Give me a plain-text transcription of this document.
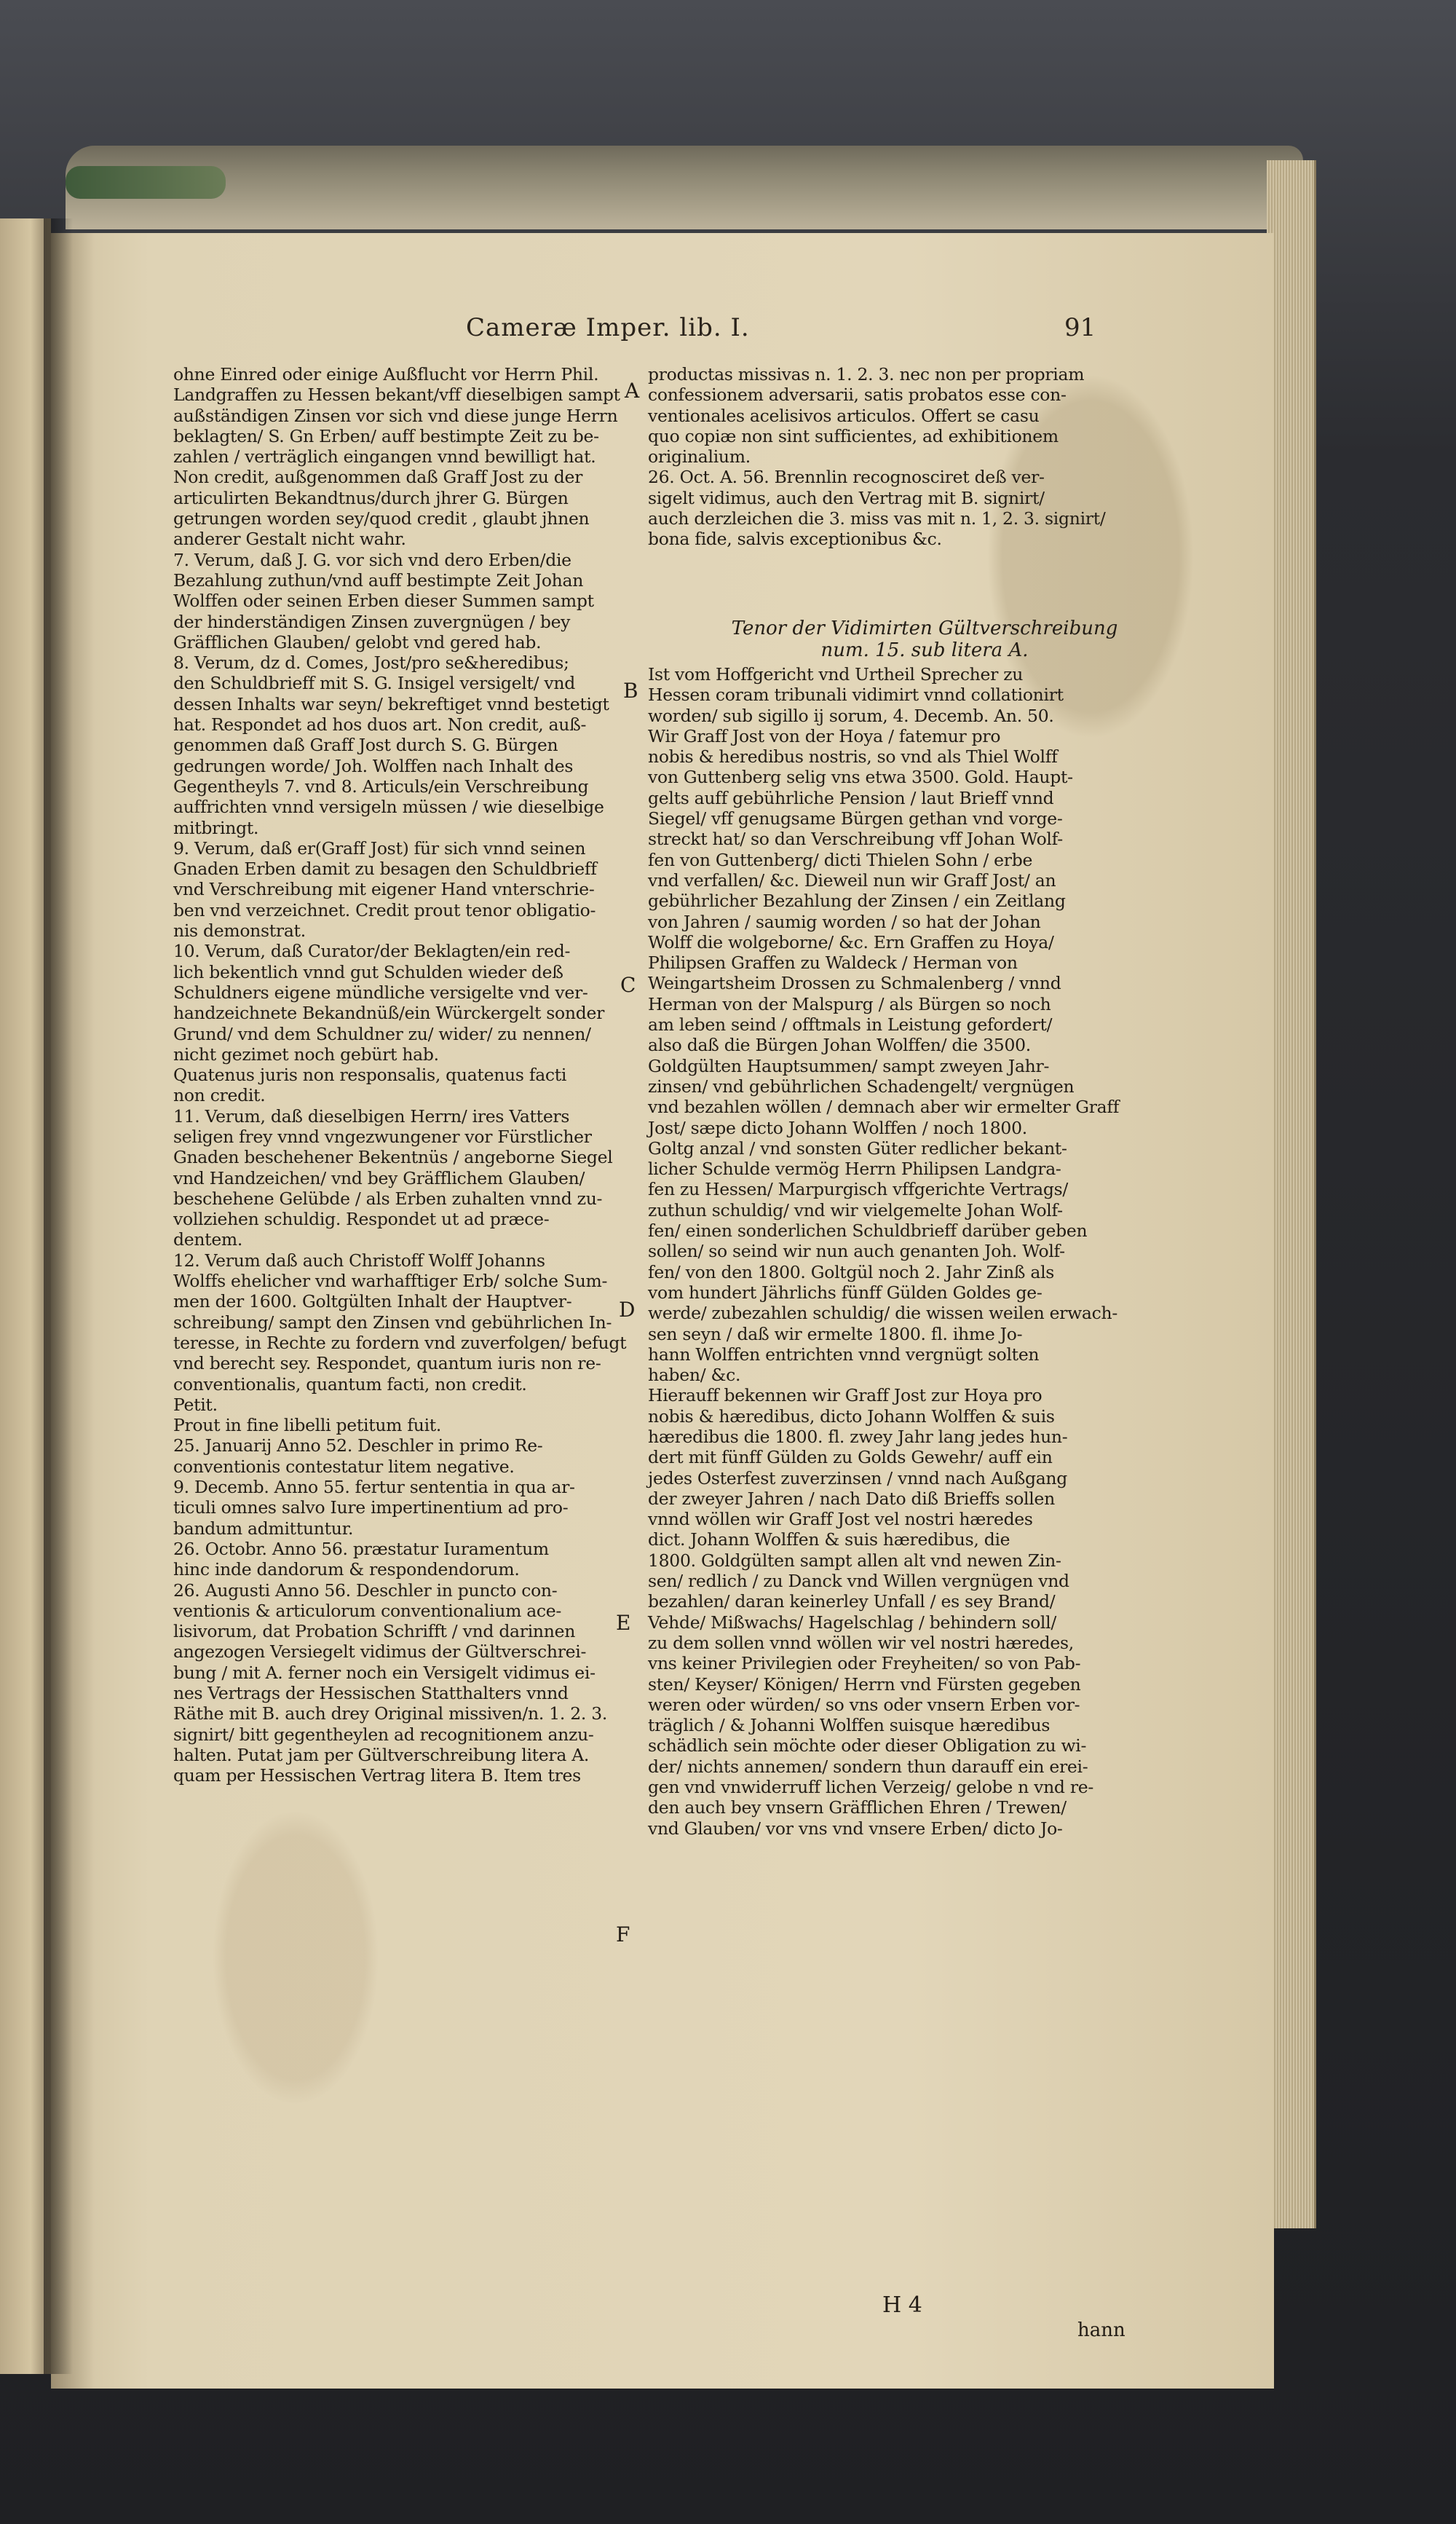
Cameræ Imper. lib. I.	91

ohne Einred oder einige Außflucht vor Herrn Phil.

Landgraffen zu Hessen bekant/vff dieselbigen sampt

außständigen Zinsen vor sich vnd diese junge Herrn

beklagten/ S. Gn Erben/ auff bestimpte Zeit zu be-

zahlen / verträglich eingangen vnnd bewilligt hat.

Non credit, außgenommen daß Graff Jost zu der

articulirten Bekandtnus/durch jhrer G. Bürgen

getrungen worden sey/quod credit , glaubt jhnen

anderer Gestalt nicht wahr.

7. Verum, daß J. G. vor sich vnd dero Erben/die

Bezahlung zuthun/vnd auff bestimpte Zeit Johan

Wolffen oder seinen Erben dieser Summen sampt

der hinderständigen Zinsen zuvergnügen / bey

Gräfflichen Glauben/ gelobt vnd gered hab.

8. Verum, dz d. Comes, Jost/pro se&heredibus;

den Schuldbrieff mit S. G. Insigel versigelt/ vnd

dessen Inhalts war seyn/ bekreftiget vnnd bestetigt

hat. Respondet ad hos duos art. Non credit, auß-

genommen daß Graff Jost durch S. G. Bürgen

gedrungen worde/ Joh. Wolffen nach Inhalt des

Gegentheyls 7. vnd 8. Articuls/ein Verschreibung

auffrichten vnnd versigeln müssen / wie dieselbige

mitbringt.

9. Verum, daß er(Graff Jost) für sich vnnd seinen

Gnaden Erben damit zu besagen den Schuldbrieff

vnd Verschreibung mit eigener Hand vnterschrie-

ben vnd verzeichnet. Credit prout tenor obligatio-

nis demonstrat.

10. Verum, daß Curator/der Beklagten/ein red-

lich bekentlich vnnd gut Schulden wieder deß

Schuldners eigene mündliche versigelte vnd ver-

handzeichnete Bekandnüß/ein Würckergelt sonder

Grund/ vnd dem Schuldner zu/ wider/ zu nennen/

nicht gezimet noch gebürt hab.

Quatenus juris non responsalis, quatenus facti

non credit.

11. Verum, daß dieselbigen Herrn/ ires Vatters

seligen frey vnnd vngezwungener vor Fürstlicher

Gnaden beschehener Bekentnüs / angeborne Siegel

vnd Handzeichen/ vnd bey Gräfflichem Glauben/

beschehene Gelübde / als Erben zuhalten vnnd zu-

vollziehen schuldig. Respondet ut ad præce-

dentem.

12. Verum daß auch Christoff Wolff Johanns

Wolffs ehelicher vnd warhafftiger Erb/ solche Sum-

men der 1600. Goltgülten Inhalt der Hauptver-

schreibung/ sampt den Zinsen vnd gebührlichen In-

teresse, in Rechte zu fordern vnd zuverfolgen/ befugt

vnd berecht sey. Respondet, quantum iuris non re-

conventionalis, quantum facti, non credit.

Petit.

Prout in fine libelli petitum fuit.

25. Januarij Anno 52. Deschler in primo Re-

conventionis contestatur litem negative.

9. Decemb. Anno 55. fertur sententia in qua ar-

ticuli omnes salvo Iure impertinentium ad pro-

bandum admittuntur.

26. Octobr. Anno 56. præstatur Iuramentum

hinc inde dandorum & respondendorum.

26. Augusti Anno 56. Deschler in puncto con-

ventionis & articulorum conventionalium ace-

lisivorum, dat Probation Schrifft / vnd darinnen

angezogen Versiegelt vidimus der Gültverschrei-

bung / mit A. ferner noch ein Versigelt vidimus ei-

nes Vertrags der Hessischen Statthalters vnnd

Räthe mit B. auch drey Original missiven/n. 1. 2. 3.

signirt/ bitt gegentheylen ad recognitionem anzu-

halten. Putat jam per Gültverschreibung litera A.

quam per Hessischen Vertrag litera B. Item tres

productas missivas n. 1. 2. 3. nec non per propriam

confessionem adversarii, satis probatos esse con-

ventionales acelisivos articulos. Offert se casu

quo copiæ non sint sufficientes, ad exhibitionem

originalium.

26. Oct. A. 56. Brennlin recognosciret deß ver-

sigelt vidimus, auch den Vertrag mit B. signirt/

auch derzleichen die 3. miss vas mit n. 1, 2. 3. signirt/

bona fide, salvis exceptionibus &c.

Tenor der Vidimirten Gültverschreibung num. 15. sub litera A.

Ist vom Hoffgericht vnd Urtheil Sprecher zu

Hessen coram tribunali vidimirt vnnd collationirt

worden/ sub sigillo ij sorum, 4. Decemb. An. 50.

Wir Graff Jost von der Hoya / fatemur pro

nobis & heredibus nostris, so vnd als Thiel Wolff

von Guttenberg selig vns etwa 3500. Gold. Haupt-

gelts auff gebührliche Pension / laut Brieff vnnd

Siegel/ vff genugsame Bürgen gethan vnd vorge-

streckt hat/ so dan Verschreibung vff Johan Wolf-

fen von Guttenberg/ dicti Thielen Sohn / erbe

vnd verfallen/ &c. Dieweil nun wir Graff Jost/ an

gebührlicher Bezahlung der Zinsen / ein Zeitlang

von Jahren / saumig worden / so hat der Johan

Wolff die wolgeborne/ &c. Ern Graffen zu Hoya/

Philipsen Graffen zu Waldeck / Herman von

Weingartsheim Drossen zu Schmalenberg / vnnd

Herman von der Malspurg / als Bürgen so noch

am leben seind / offtmals in Leistung gefordert/

also daß die Bürgen Johan Wolffen/ die 3500.

Goldgülten Hauptsummen/ sampt zweyen Jahr-

zinsen/ vnd gebührlichen Schadengelt/ vergnügen

vnd bezahlen wöllen / demnach aber wir ermelter Graff

Jost/ sæpe dicto Johann Wolffen / noch 1800.

Goltg anzal / vnd sonsten Güter redlicher bekant-

licher Schulde vermög Herrn Philipsen Landgra-

fen zu Hessen/ Marpurgisch vffgerichte Vertrags/

zuthun schuldig/ vnd wir vielgemelte Johan Wolf-

fen/ einen sonderlichen Schuldbrieff darüber geben

sollen/ so seind wir nun auch genanten Joh. Wolf-

fen/ von den 1800. Goltgül noch 2. Jahr Zinß als

vom hundert Jährlichs fünff Gülden Goldes ge-

werde/ zubezahlen schuldig/ die wissen weilen erwach-

sen seyn / daß wir ermelte 1800. fl. ihme Jo-

hann Wolffen entrichten vnnd vergnügt solten

haben/ &c.

Hierauff bekennen wir Graff Jost zur Hoya pro

nobis & hæredibus, dicto Johann Wolffen & suis

hæredibus die 1800. fl. zwey Jahr lang jedes hun-

dert mit fünff Gülden zu Golds Gewehr/ auff ein

jedes Osterfest zuverzinsen / vnnd nach Außgang

der zweyer Jahren / nach Dato diß Brieffs sollen

vnnd wöllen wir Graff Jost vel nostri hæredes

dict. Johann Wolffen & suis hæredibus, die

1800. Goldgülten sampt allen alt vnd newen Zin-

sen/ redlich / zu Danck vnd Willen vergnügen vnd

bezahlen/ daran keinerley Unfall / es sey Brand/

Vehde/ Mißwachs/ Hagelschlag / behindern soll/

zu dem sollen vnnd wöllen wir vel nostri hæredes,

vns keiner Privilegien oder Freyheiten/ so von Pab-

sten/ Keyser/ Königen/ Herrn vnd Fürsten gegeben

weren oder würden/ so vns oder vnsern Erben vor-

träglich / & Johanni Wolffen suisque hæredibus

schädlich sein möchte oder dieser Obligation zu wi-

der/ nichts annemen/ sondern thun darauff ein erei-

gen vnd vnwiderruff lichen Verzeig/ gelobe n vnd re-

den auch bey vnsern Gräfflichen Ehren / Trewen/

vnd Glauben/ vor vns vnd vnsere Erben/ dicto Jo-

A
B
C
D
E
F
H 4
hann
